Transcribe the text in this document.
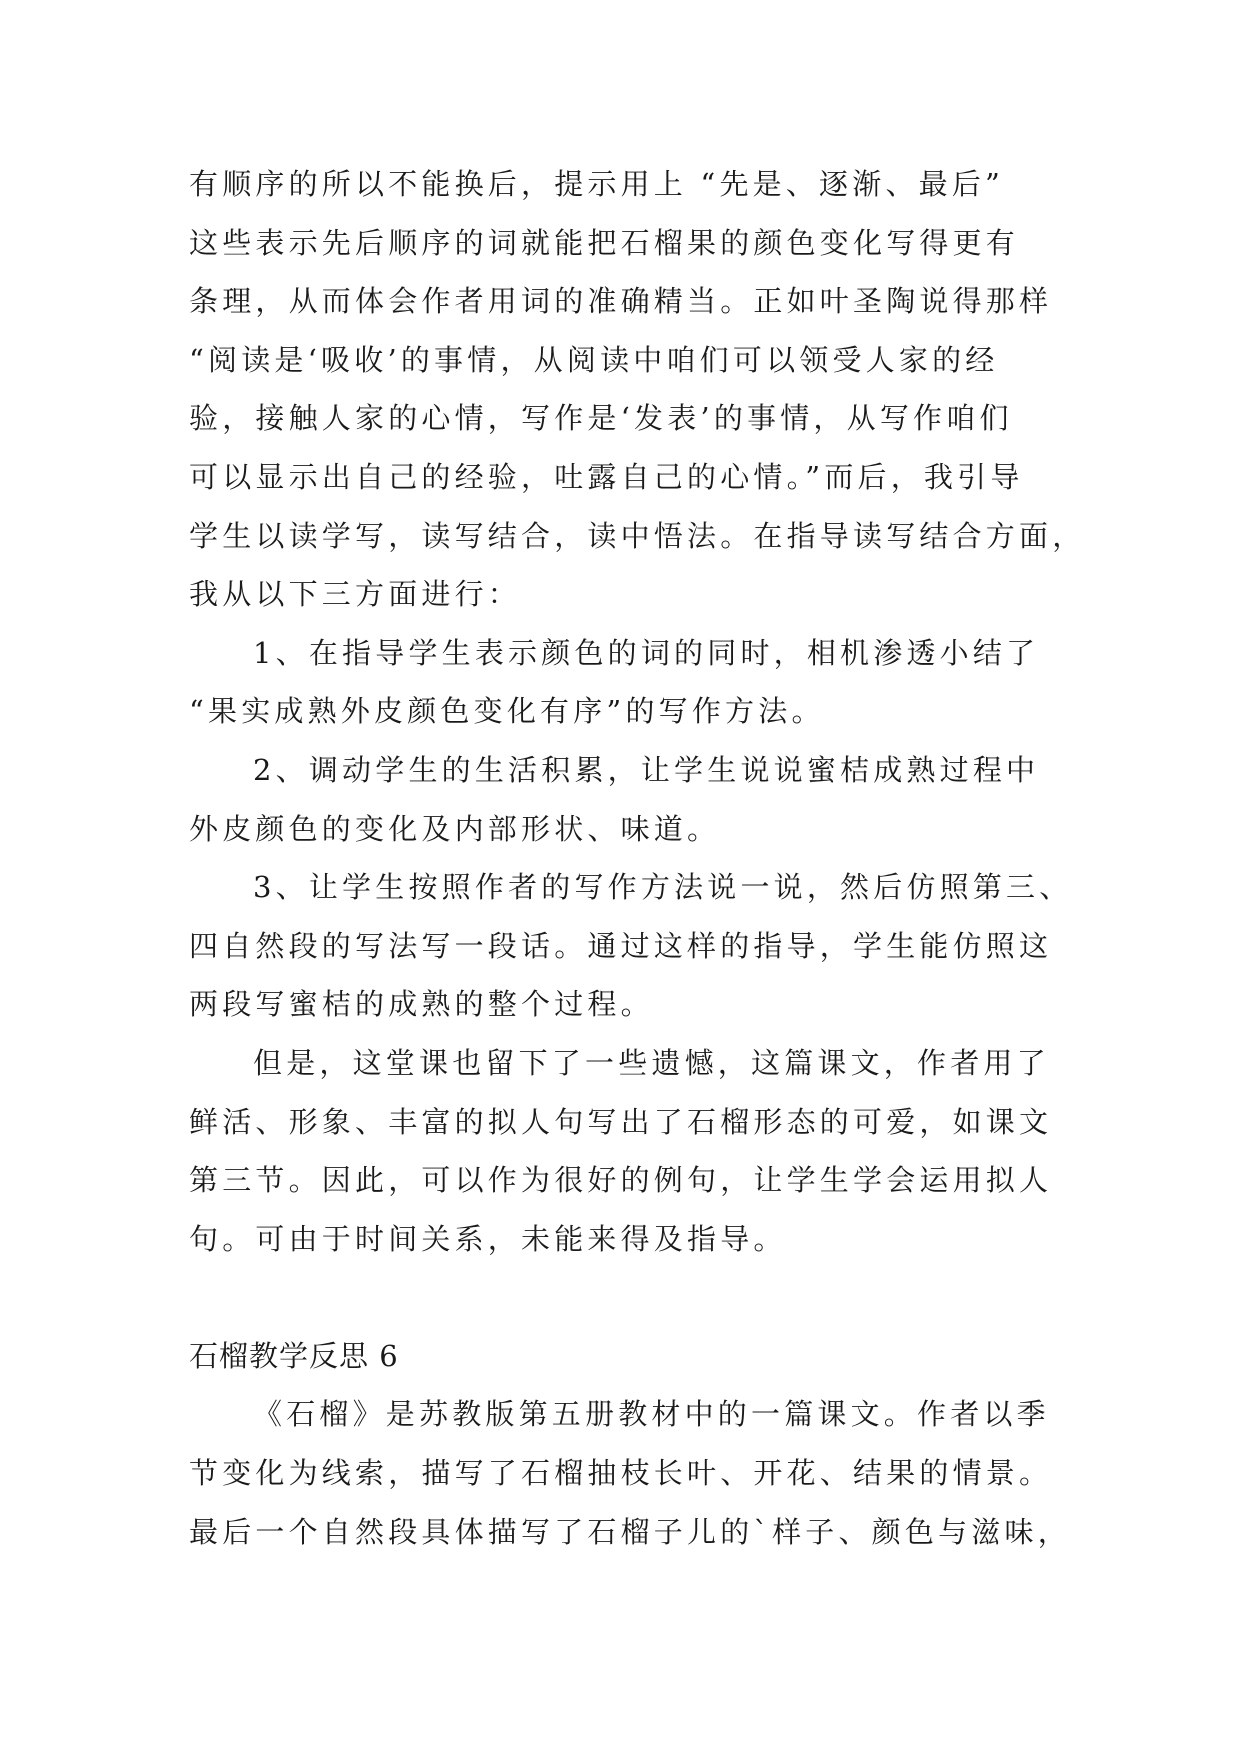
有顺序的所以不能换后，提示用上 “先是、逐渐、最后”
这些表示先后顺序的词就能把石榴果的颜色变化写得更有
条理，从而体会作者用词的准确精当。正如叶圣陶说得那样
“阅读是‘吸收’的事情，从阅读中咱们可以领受人家的经
验，接触人家的心情，写作是‘发表’的事情，从写作咱们
可以显示出自己的经验，吐露自己的心情。”而后，我引导
学生以读学写，读写结合，读中悟法。在指导读写结合方面，
我从以下三方面进行：
1、在指导学生表示颜色的词的同时，相机渗透小结了
“果实成熟外皮颜色变化有序”的写作方法。
2、调动学生的生活积累，让学生说说蜜桔成熟过程中
外皮颜色的变化及内部形状、味道。
3、让学生按照作者的写作方法说一说，然后仿照第三、
四自然段的写法写一段话。通过这样的指导，学生能仿照这
两段写蜜桔的成熟的整个过程。
但是，这堂课也留下了一些遗憾，这篇课文，作者用了
鲜活、形象、丰富的拟人句写出了石榴形态的可爱，如课文
第三节。因此，可以作为很好的例句，让学生学会运用拟人
句。可由于时间关系，未能来得及指导。
石榴教学反思 6
《石榴》是苏教版第五册教材中的一篇课文。作者以季
节变化为线索，描写了石榴抽枝长叶、开花、结果的情景。
最后一个自然段具体描写了石榴子儿的`样子、颜色与滋味，
